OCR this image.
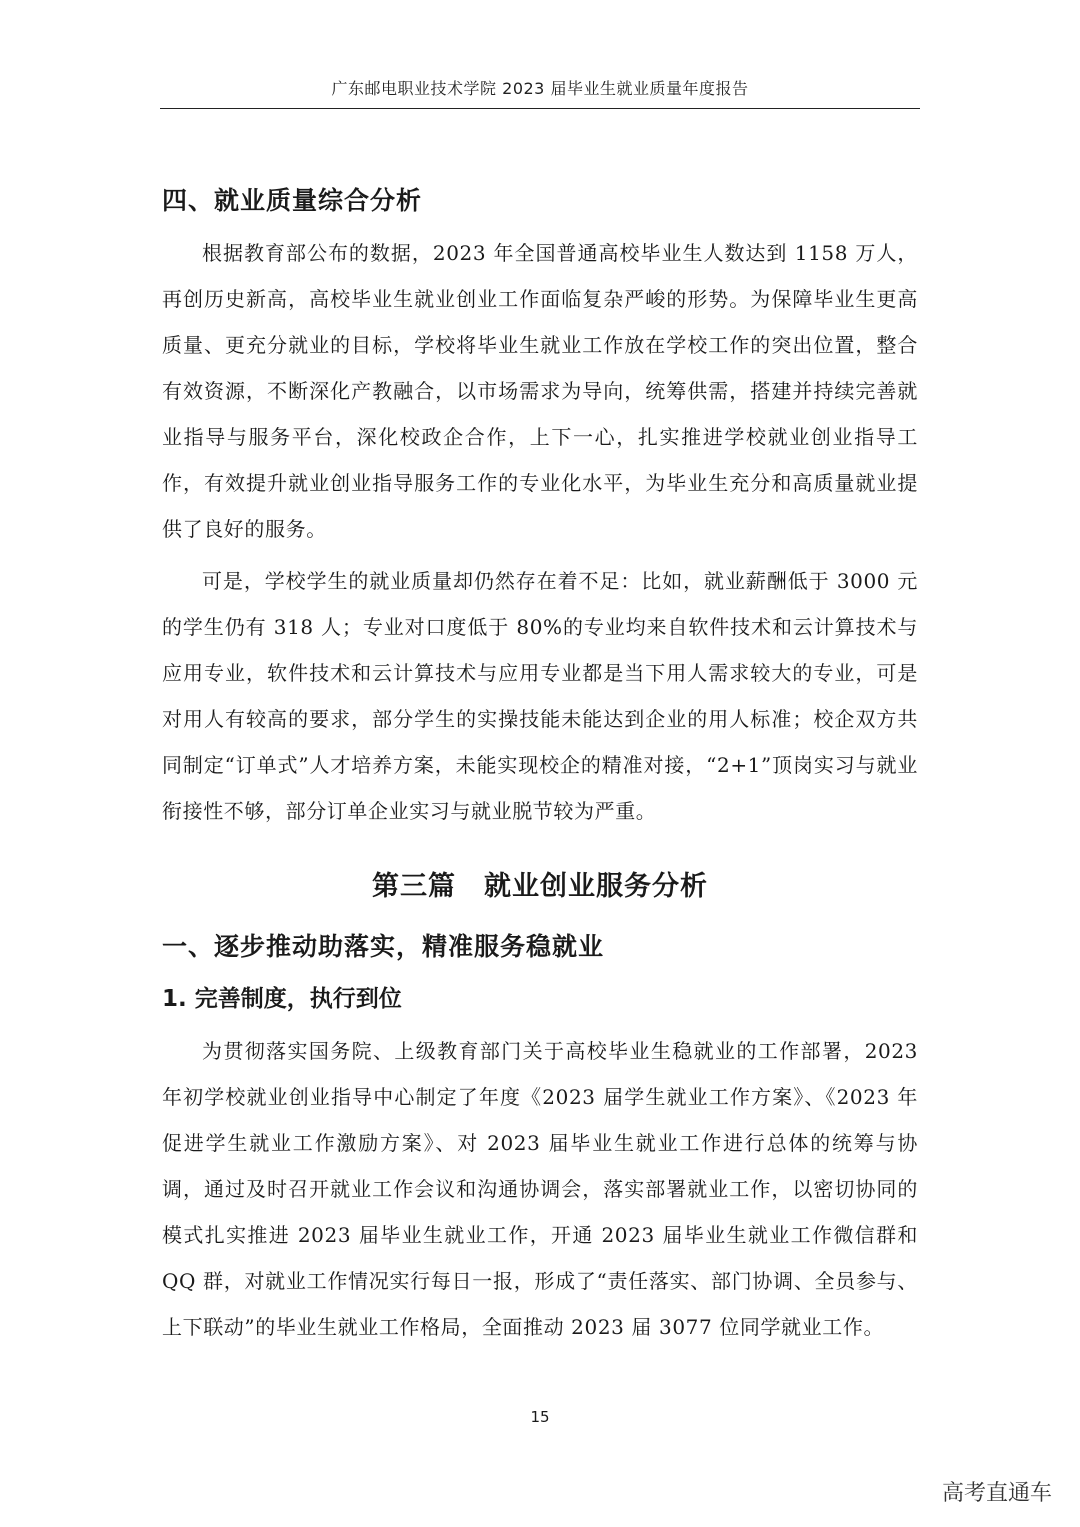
广东邮电职业技术学院 2023 届毕业生就业质量年度报告
四、就业质量综合分析

根据教育部公布的数据，2023 年全国普通高校毕业生人数达到 1158 万人，再创历史新高，高校毕业生就业创业工作面临复杂严峻的形势。为保障毕业生更高质量、更充分就业的目标，学校将毕业生就业工作放在学校工作的突出位置，整合有效资源，不断深化产教融合，以市场需求为导向，统筹供需，搭建并持续完善就业指导与服务平台，深化校政企合作，上下一心，扎实推进学校就业创业指导工作，有效提升就业创业指导服务工作的专业化水平，为毕业生充分和高质量就业提供了良好的服务。

可是，学校学生的就业质量却仍然存在着不足：比如，就业薪酬低于 3000 元的学生仍有 318 人；专业对口度低于 80%的专业均来自软件技术和云计算技术与应用专业，软件技术和云计算技术与应用专业都是当下用人需求较大的专业，可是对用人有较高的要求，部分学生的实操技能未能达到企业的用人标准；校企双方共同制定“订单式”人才培养方案，未能实现校企的精准对接，“2+1”顶岗实习与就业衔接性不够，部分订单企业实习与就业脱节较为严重。

第三篇　就业创业服务分析
一、逐步推动助落实，精准服务稳就业
1. 完善制度，执行到位

为贯彻落实国务院、上级教育部门关于高校毕业生稳就业的工作部署，2023 年初学校就业创业指导中心制定了年度《2023 届学生就业工作方案》、《2023 年促进学生就业工作激励方案》、对 2023 届毕业生就业工作进行总体的统筹与协调，通过及时召开就业工作会议和沟通协调会，落实部署就业工作，以密切协同的模式扎实推进 2023 届毕业生就业工作，开通 2023 届毕业生就业工作微信群和 QQ 群，对就业工作情况实行每日一报，形成了“责任落实、部门协调、全员参与、上下联动”的毕业生就业工作格局，全面推动 2023 届 3077 位同学就业工作。

15
高考直通车
